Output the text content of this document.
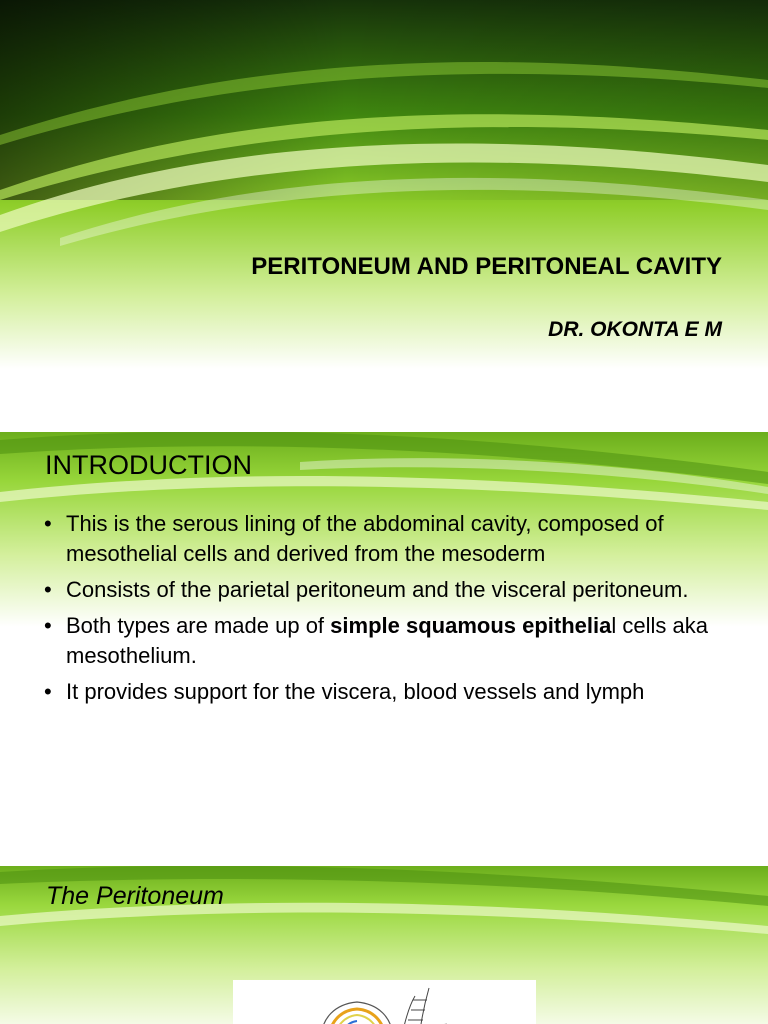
PERITONEUM AND PERITONEAL CAVITY

DR. OKONTA E M

INTRODUCTION
• This is the serous lining of the abdominal cavity, composed of mesothelial cells and derived from the mesoderm
• Consists of the parietal peritoneum and the visceral peritoneum.
• Both types are made up of simple squamous epithelial cells aka mesothelium.
• It provides support for the viscera, blood vessels and lymph
The Peritoneum
